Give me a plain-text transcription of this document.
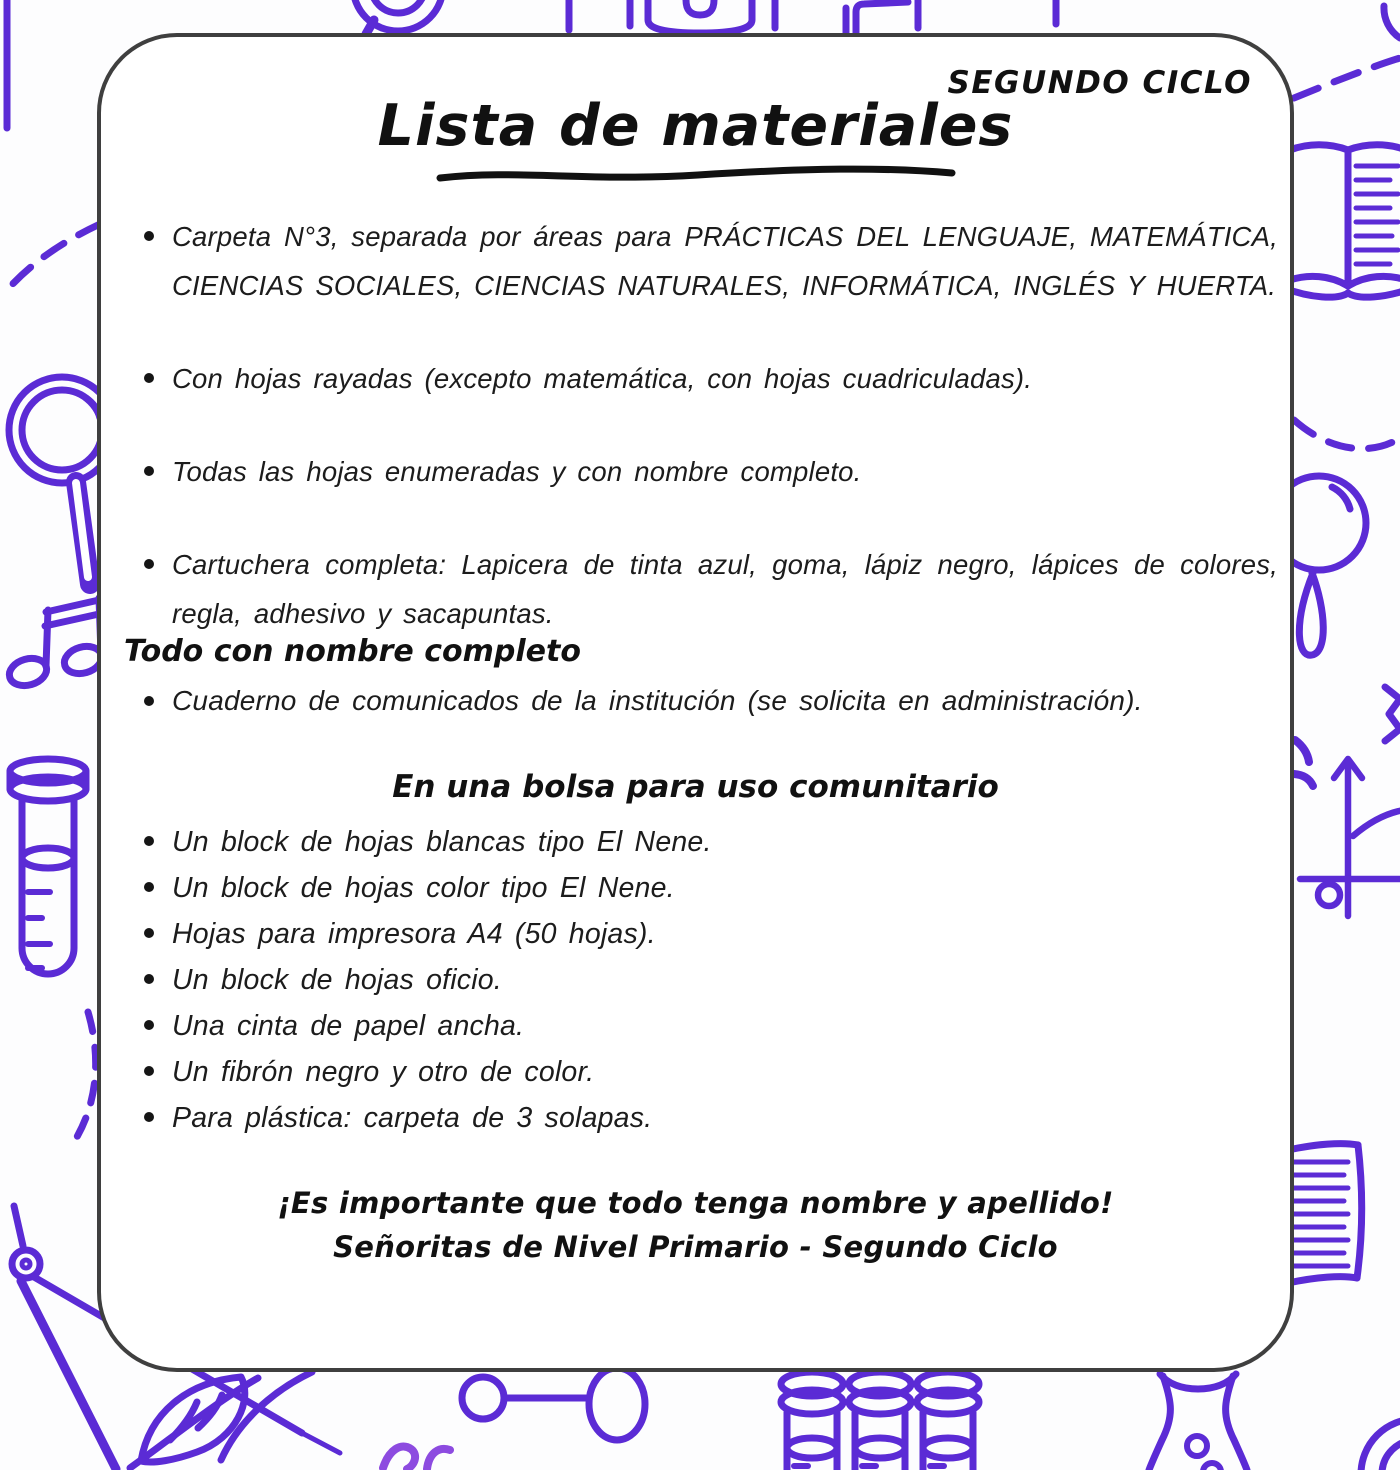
SEGUNDO CICLO
Lista de materiales
Carpeta N°3, separada por áreas para PRÁCTICAS DEL LENGUAJE, MATEMÁTICA, CIENCIAS SOCIALES, CIENCIAS NATURALES, INFORMÁTICA, INGLÉS Y HUERTA.
Con hojas rayadas (excepto matemática, con hojas cuadriculadas).
Todas las hojas enumeradas y con nombre completo.
Cartuchera completa: Lapicera de tinta azul, goma, lápiz negro, lápices de colores, regla, adhesivo y sacapuntas.
Todo con nombre completo
Cuaderno de comunicados de la institución (se solicita en administración).
En una bolsa para uso comunitario
Un block de hojas blancas tipo El Nene.
Un block de hojas color tipo El Nene.
Hojas para impresora A4 (50 hojas).
Un block de hojas oficio.
Una cinta de papel ancha.
Un fibrón negro y otro de color.
Para plástica: carpeta de 3 solapas.
¡Es importante que todo tenga nombre y apellido!
Señoritas de Nivel Primario - Segundo Ciclo
